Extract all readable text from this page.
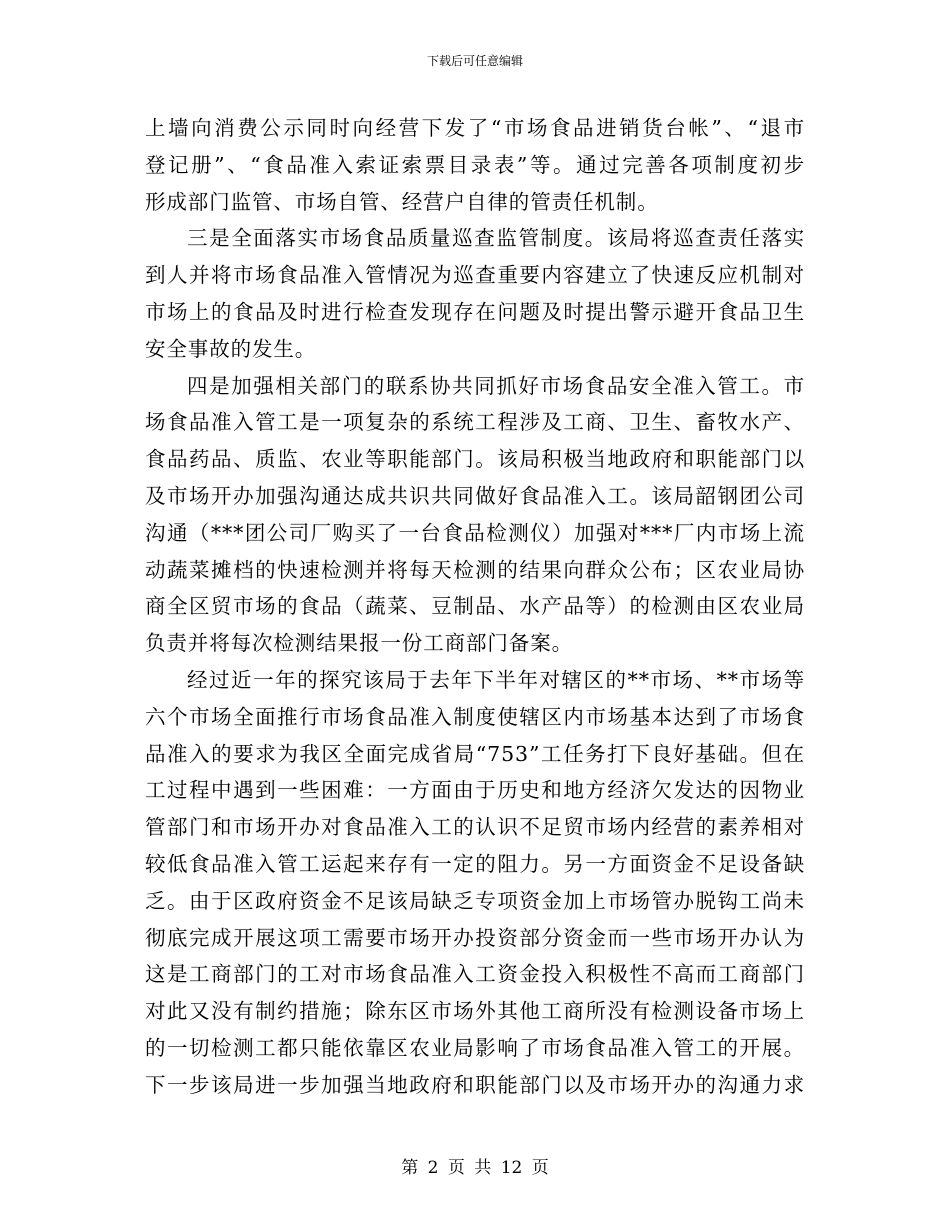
下载后可任意编辑
上墙向消费公示同时向经营下发了“市场食品进销货台帐”、“退市
登记册”、“食品准入索证索票目录表”等。通过完善各项制度初步
形成部门监管、市场自管、经营户自律的管责任机制。
三是全面落实市场食品质量巡查监管制度。该局将巡查责任落实
到人并将市场食品准入管情况为巡查重要内容建立了快速反应机制对
市场上的食品及时进行检查发现存在问题及时提出警示避开食品卫生
安全事故的发生。
四是加强相关部门的联系协共同抓好市场食品安全准入管工。市
场食品准入管工是一项复杂的系统工程涉及工商、卫生、畜牧水产、
食品药品、质监、农业等职能部门。该局积极当地政府和职能部门以
及市场开办加强沟通达成共识共同做好食品准入工。该局韶钢团公司
沟通（***团公司厂购买了一台食品检测仪）加强对***厂内市场上流
动蔬菜摊档的快速检测并将每天检测的结果向群众公布；区农业局协
商全区贸市场的食品（蔬菜、豆制品、水产品等）的检测由区农业局
负责并将每次检测结果报一份工商部门备案。
经过近一年的探究该局于去年下半年对辖区的**市场、**市场等
六个市场全面推行市场食品准入制度使辖区内市场基本达到了市场食
品准入的要求为我区全面完成省局“753”工任务打下良好基础。但在
工过程中遇到一些困难：一方面由于历史和地方经济欠发达的因物业
管部门和市场开办对食品准入工的认识不足贸市场内经营的素养相对
较低食品准入管工运起来存有一定的阻力。另一方面资金不足设备缺
乏。由于区政府资金不足该局缺乏专项资金加上市场管办脱钩工尚未
彻底完成开展这项工需要市场开办投资部分资金而一些市场开办认为
这是工商部门的工对市场食品准入工资金投入积极性不高而工商部门
对此又没有制约措施；除东区市场外其他工商所没有检测设备市场上
的一切检测工都只能依靠区农业局影响了市场食品准入管工的开展。
下一步该局进一步加强当地政府和职能部门以及市场开办的沟通力求
第 2 页 共 12 页
